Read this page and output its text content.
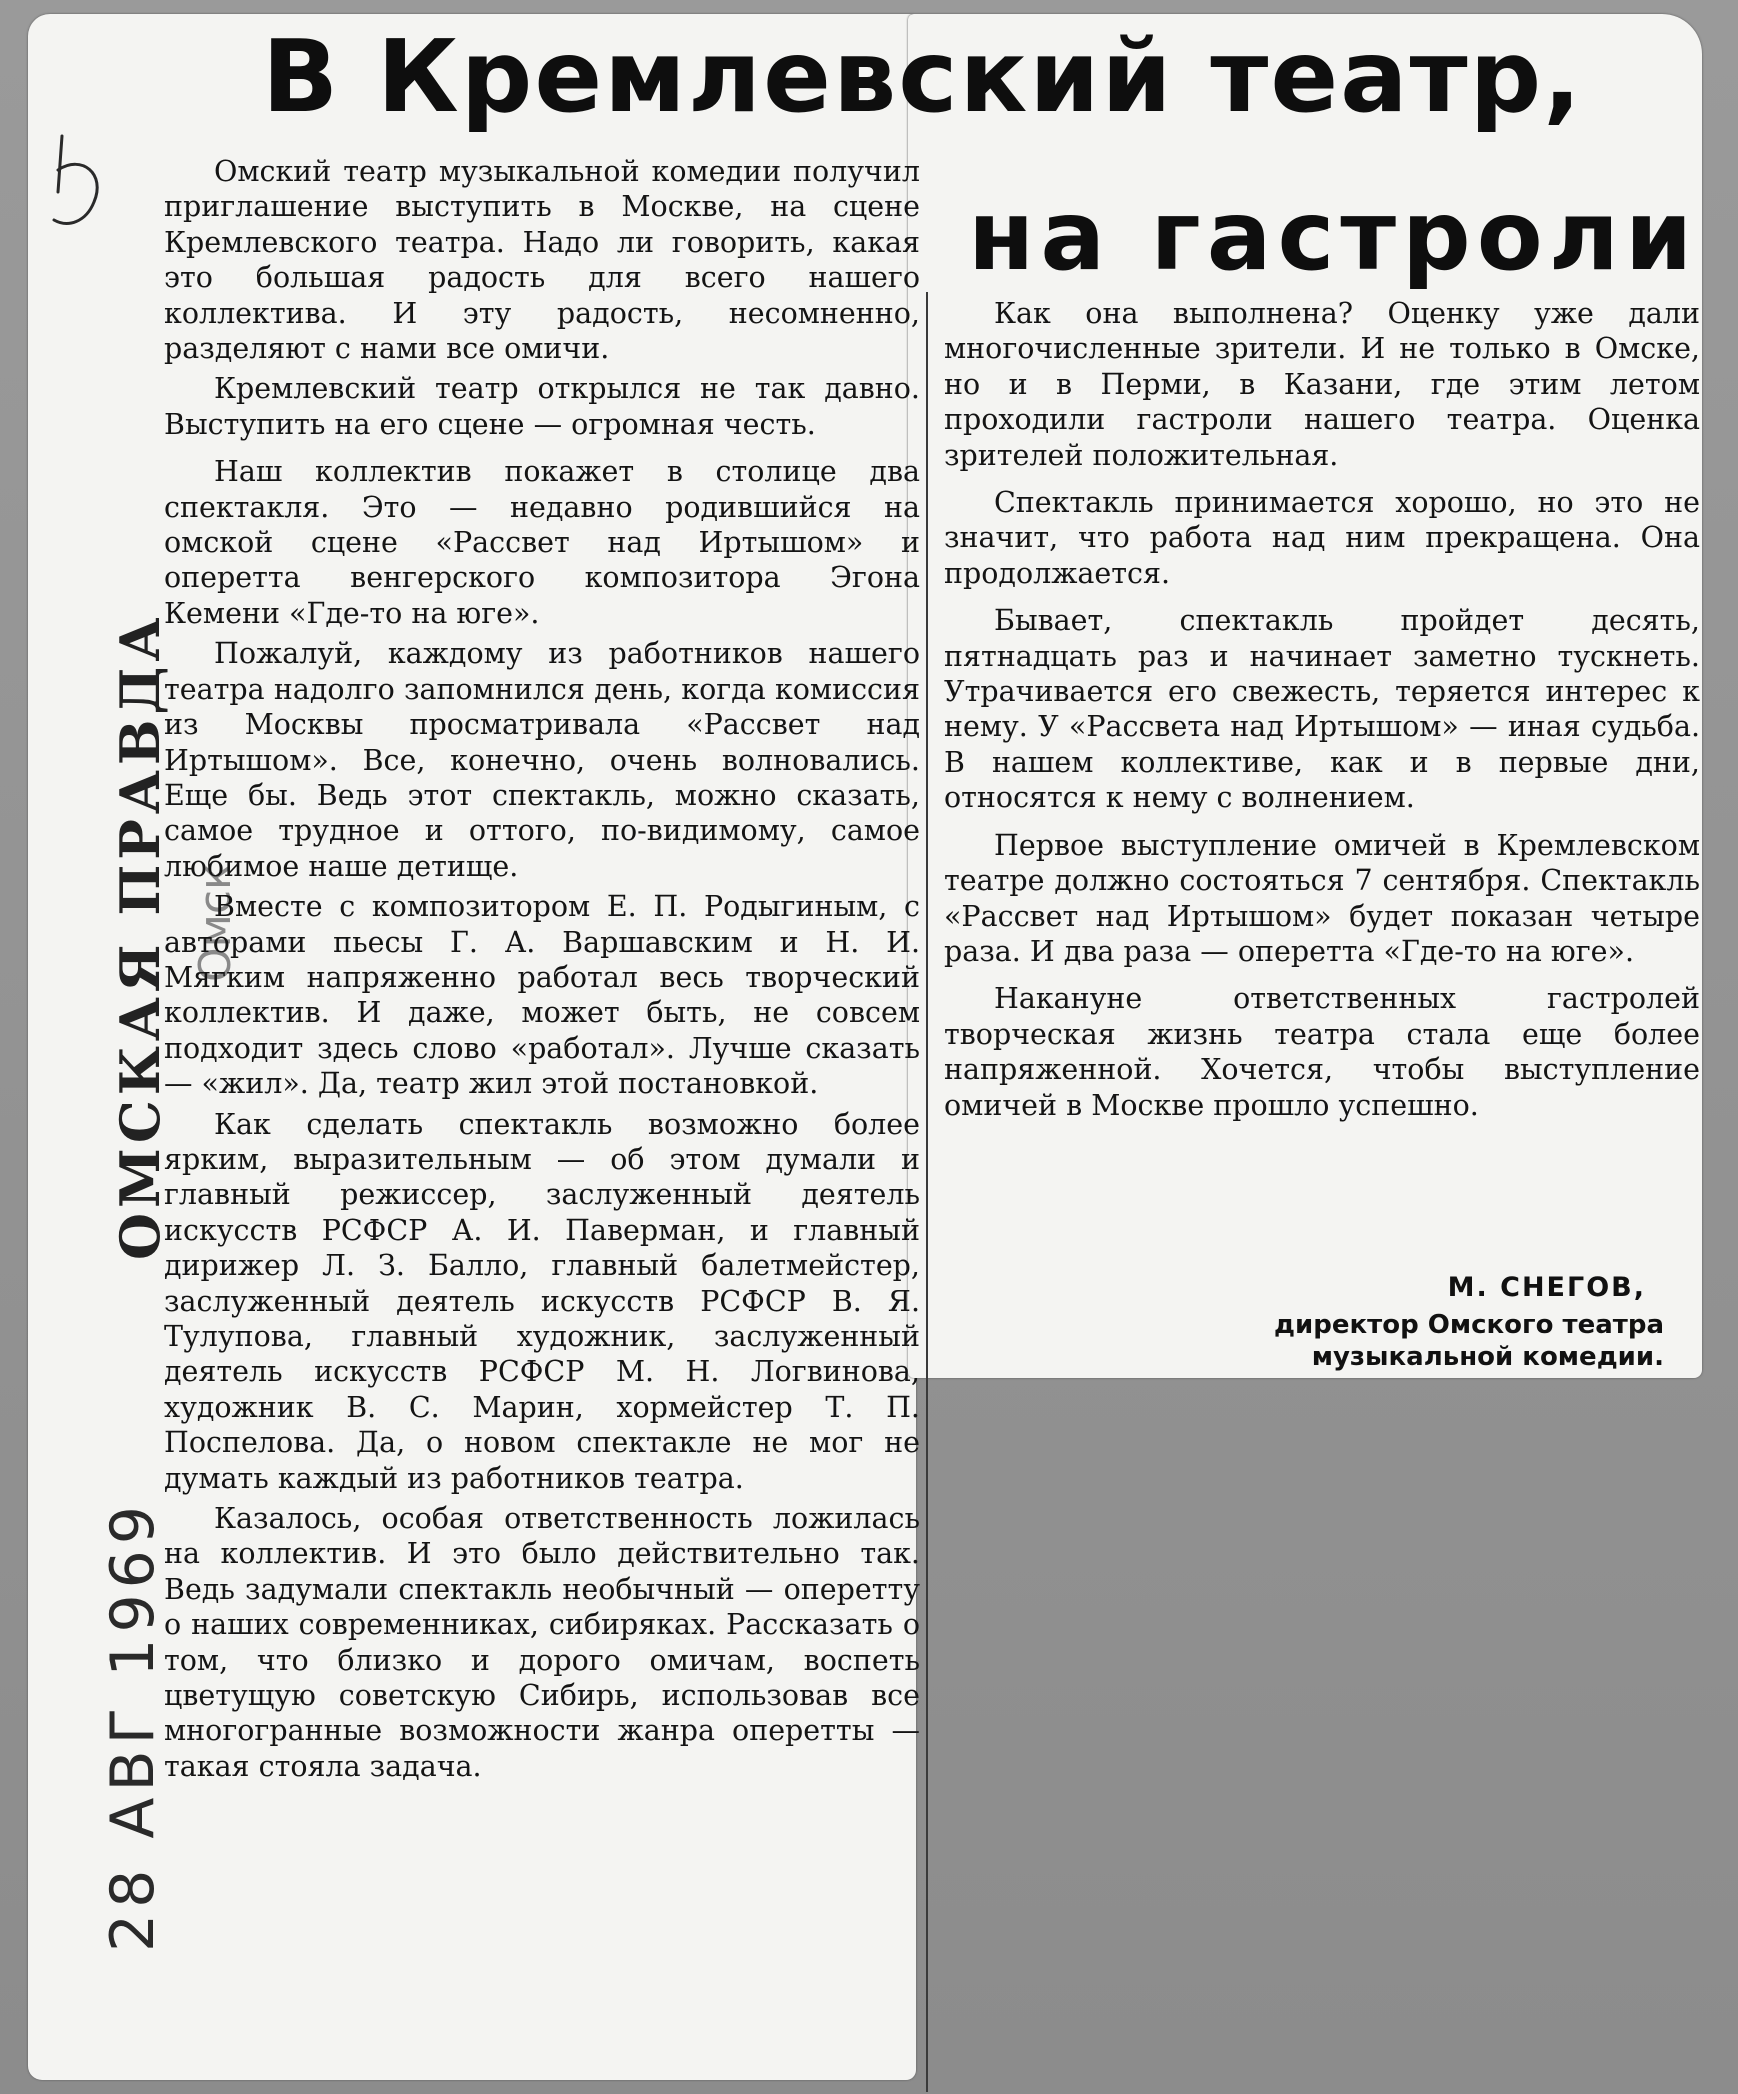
ОМСКАЯ ПРАВДА Омск

28 АВГ 1969

В Кремлевский театр,
на гастроли

Омский театр музыкальной комедии получил приглашение выступить в Москве, на сцене Кремлевского театра. Надо ли говорить, какая это большая радость для всего нашего коллектива. И эту радость, несомненно, разделяют с нами все омичи.

Кремлевский театр открылся не так давно. Выступить на его сцене — огромная честь.

Наш коллектив покажет в столице два спектакля. Это — недавно родившийся на омской сцене «Рассвет над Иртышом» и оперетта венгерского композитора Эгона Кемени «Где-то на юге».

Пожалуй, каждому из работников нашего театра надолго запомнился день, когда комиссия из Москвы просматривала «Рассвет над Иртышом». Все, конечно, очень волновались. Еще бы. Ведь этот спектакль, можно сказать, самое трудное и оттого, по-видимому, самое любимое наше детище.

Вместе с композитором Е. П. Родыгиным, с авторами пьесы Г. А. Варшавским и Н. И. Мягким напряженно работал весь творческий коллектив. И даже, может быть, не совсем подходит здесь слово «работал». Лучше сказать — «жил». Да, театр жил этой постановкой.

Как сделать спектакль возможно более ярким, выразительным — об этом думали и главный режиссер, заслуженный деятель искусств РСФСР А. И. Паверман, и главный дирижер Л. З. Балло, главный балетмейстер, заслуженный деятель искусств РСФСР В. Я. Тулупова, главный художник, заслуженный деятель искусств РСФСР М. Н. Логвинова, художник В. С. Марин, хормейстер Т. П. Поспелова. Да, о новом спектакле не мог не думать каждый из работников театра.

Казалось, особая ответственность ложилась на коллектив. И это было действительно так. Ведь задумали спектакль необычный — оперетту о наших современниках, сибиряках. Рассказать о том, что близко и дорого омичам, воспеть цветущую советскую Сибирь, использовав все многогранные возможности жанра оперетты — такая стояла задача.

Как она выполнена? Оценку уже дали многочисленные зрители. И не только в Омске, но и в Перми, в Казани, где этим летом проходили гастроли нашего театра. Оценка зрителей положительная.

Спектакль принимается хорошо, но это не значит, что работа над ним прекращена. Она продолжается.

Бывает, спектакль пройдет десять, пятнадцать раз и начинает заметно тускнеть. Утрачивается его свежесть, теряется интерес к нему. У «Рассвета над Иртышом» — иная судьба. В нашем коллективе, как и в первые дни, относятся к нему с волнением.

Первое выступление омичей в Кремлевском театре должно состояться 7 сентября. Спектакль «Рассвет над Иртышом» будет показан четыре раза. И два раза — оперетта «Где-то на юге».

Накануне ответственных гастролей творческая жизнь театра стала еще более напряженной. Хочется, чтобы выступление омичей в Москве прошло успешно.

М. СНЕГОВ,

директор Омского театра

музыкальной комедии.
